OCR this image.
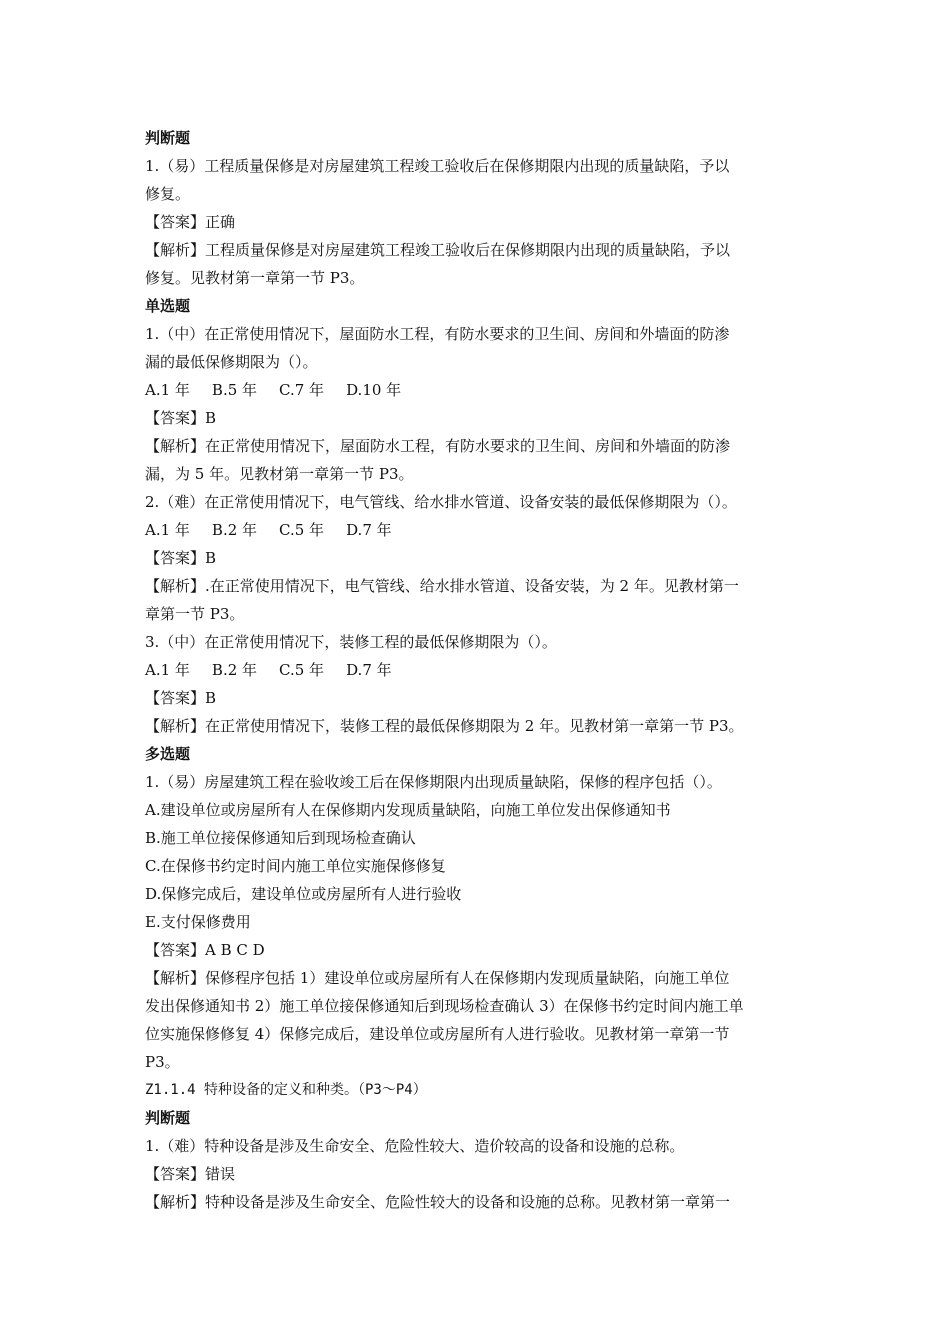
判断题
1.（易）工程质量保修是对房屋建筑工程竣工验收后在保修期限内出现的质量缺陷，予以
修复。
【答案】正确
【解析】工程质量保修是对房屋建筑工程竣工验收后在保修期限内出现的质量缺陷，予以
修复。见教材第一章第一节 P3。
单选题
1.（中）在正常使用情况下，屋面防水工程，有防水要求的卫生间、房间和外墙面的防渗
漏的最低保修期限为（）。
A.1 年 B.5 年 C.7 年 D.10 年
【答案】B
【解析】在正常使用情况下，屋面防水工程，有防水要求的卫生间、房间和外墙面的防渗
漏，为 5 年。见教材第一章第一节 P3。
2.（难）在正常使用情况下，电气管线、给水排水管道、设备安装的最低保修期限为（）。
A.1 年 B.2 年 C.5 年 D.7 年
【答案】B
【解析】.在正常使用情况下，电气管线、给水排水管道、设备安装，为 2 年。见教材第一
章第一节 P3。
3.（中）在正常使用情况下，装修工程的最低保修期限为（）。
A.1 年 B.2 年 C.5 年 D.7 年
【答案】B
【解析】在正常使用情况下，装修工程的最低保修期限为 2 年。见教材第一章第一节 P3。
多选题
1.（易）房屋建筑工程在验收竣工后在保修期限内出现质量缺陷，保修的程序包括（）。
A.建设单位或房屋所有人在保修期内发现质量缺陷，向施工单位发出保修通知书
B.施工单位接保修通知后到现场检查确认
C.在保修书约定时间内施工单位实施保修修复
D.保修完成后，建设单位或房屋所有人进行验收
E.支付保修费用
【答案】A B C D
【解析】保修程序包括 1）建设单位或房屋所有人在保修期内发现质量缺陷，向施工单位
发出保修通知书 2）施工单位接保修通知后到现场检查确认 3）在保修书约定时间内施工单
位实施保修修复 4）保修完成后，建设单位或房屋所有人进行验收。见教材第一章第一节
P3。
Z1.1.4 特种设备的定义和种类。（P3～P4）
判断题
1.（难）特种设备是涉及生命安全、危险性较大、造价较高的设备和设施的总称。
【答案】错误
【解析】特种设备是涉及生命安全、危险性较大的设备和设施的总称。见教材第一章第一
